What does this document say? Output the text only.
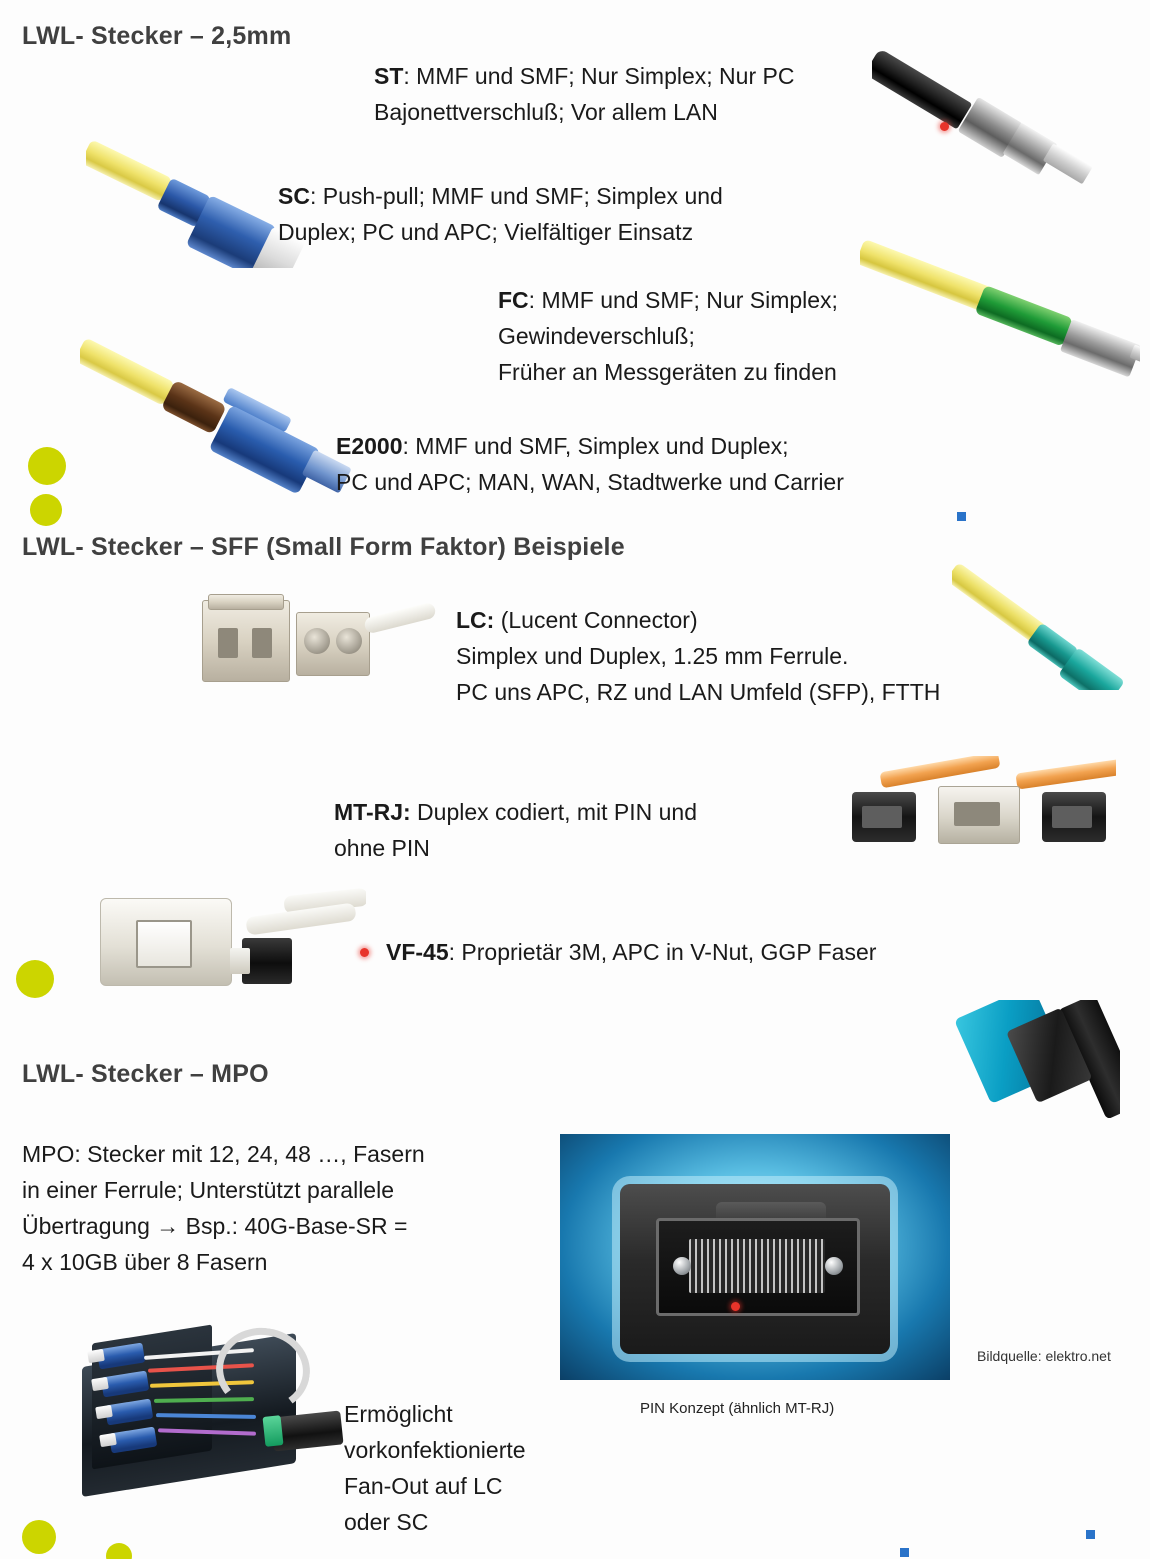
LWL- Stecker – 2,5mm
ST: MMF und SMF; Nur Simplex; Nur PC
Bajonettverschluß; Vor allem LAN
SC: Push-pull; MMF und SMF; Simplex und
Duplex; PC und APC; Vielfältiger Einsatz
FC: MMF und SMF; Nur Simplex;
Gewindeverschluß;
Früher an Messgeräten zu finden
E2000: MMF und SMF, Simplex und Duplex;
PC und APC; MAN, WAN, Stadtwerke und Carrier
LWL- Stecker – SFF (Small Form Faktor) Beispiele
LC: (Lucent Connector)
Simplex und Duplex, 1.25 mm Ferrule.
PC uns APC, RZ und LAN Umfeld (SFP), FTTH
MT-RJ: Duplex codiert, mit PIN und
ohne PIN
VF-45: Proprietär 3M, APC in V-Nut, GGP Faser
LWL- Stecker – MPO
MPO: Stecker mit 12, 24, 48 …, Fasern
in einer Ferrule; Unterstützt parallele
Übertragung → Bsp.: 40G-Base-SR =
4 x 10GB über 8 Fasern
PIN Konzept (ähnlich MT-RJ)
Bildquelle: elektro.net
Ermöglicht
vorkonfektionierte
Fan-Out auf LC
oder SC
